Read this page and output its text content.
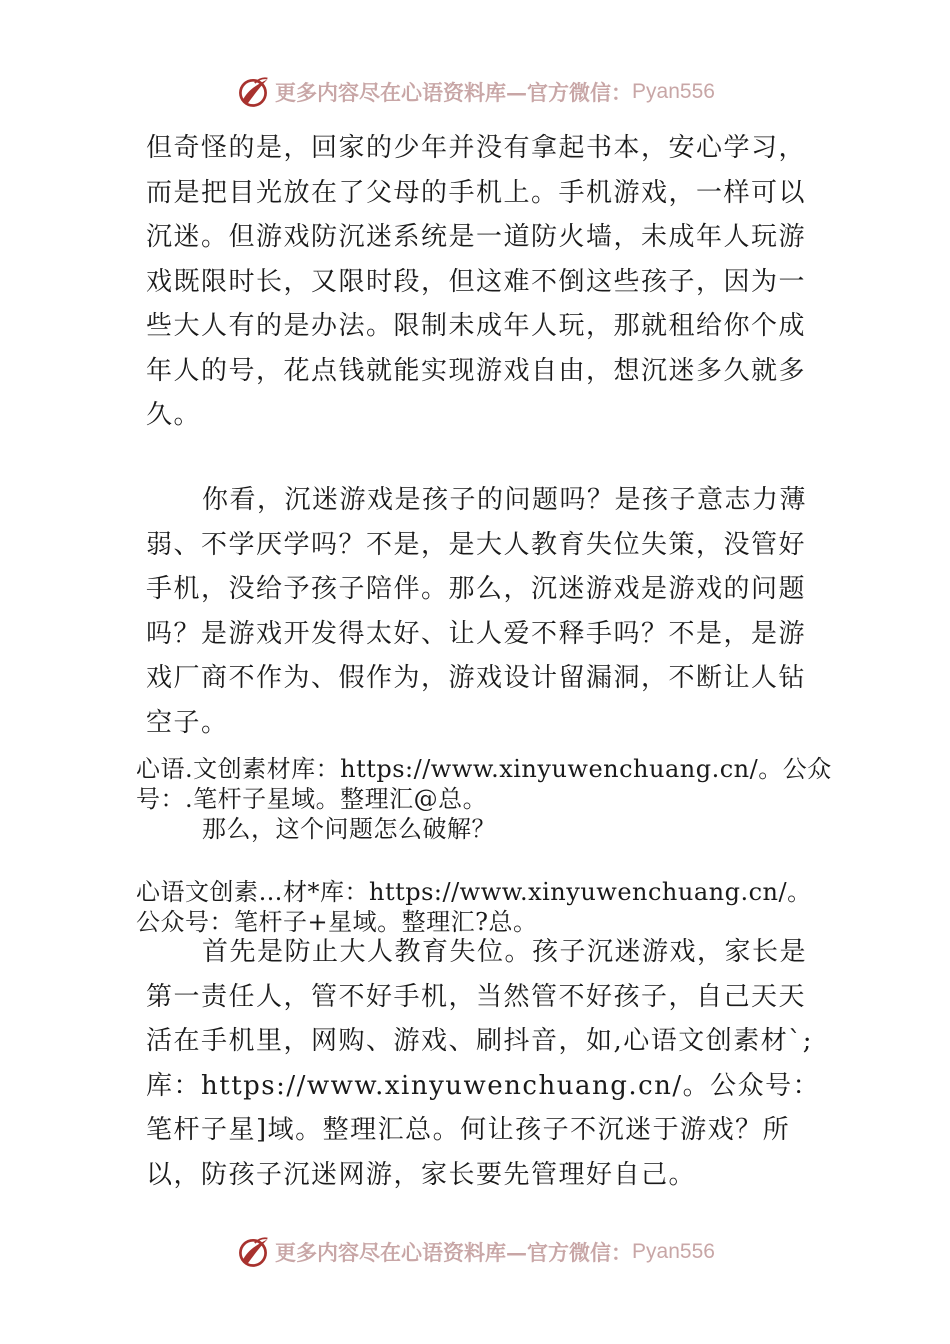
更多内容尽在心语资料库 — 官方微信： Pyan556

但奇怪的是，回家的少年并没有拿起书本，安心学习，而是把目光放在了父母的手机上。手机游戏，一样可以沉迷。但游戏防沉迷系统是一道防火墙，未成年人玩游戏既限时长，又限时段，但这难不倒这些孩子，因为一些大人有的是办法。限制未成年人玩，那就租给你个成年人的号，花点钱就能实现游戏自由，想沉迷多久就多久。

你看，沉迷游戏是孩子的问题吗？是孩子意志力薄弱、不学厌学吗？不是，是大人教育失位失策，没管好手机，没给予孩子陪伴。那么，沉迷游戏是游戏的问题吗？是游戏开发得太好、让人爱不释手吗？不是，是游戏厂商不作为、假作为，游戏设计留漏洞，不断让人钻空子。

心语.文创素材库：https://www.xinyuwenchuang.cn/。公众号：.笔杆子星域。整理汇@总。

那么，这个问题怎么破解？

心语文创素…材*库：https://www.xinyuwenchuang.cn/。公众号：笔杆子+星域。整理汇?总。

首先是防止大人教育失位。孩子沉迷游戏，家长是第一责任人，管不好手机，当然管不好孩子，自己天天活在手机里，网购、游戏、刷抖音，如,心语文创素材`;库：https://www.xinyuwenchuang.cn/。公众号：笔杆子星]域。整理汇总。何让孩子不沉迷于游戏？所以，防孩子沉迷网游，家长要先管理好自己。

更多内容尽在心语资料库 — 官方微信： Pyan556
